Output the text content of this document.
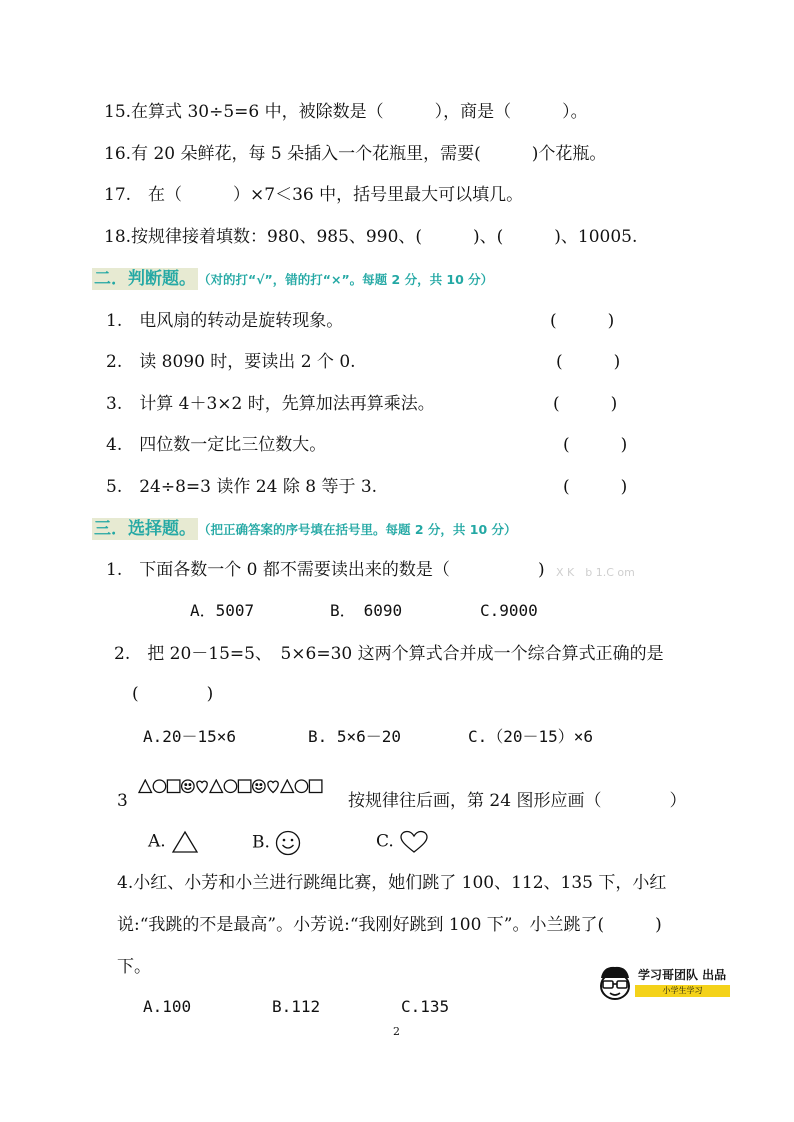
15.在算式 30÷5=6 中，被除数是（　　　），商是（　　　）。
16.有 20 朵鲜花，每 5 朵插入一个花瓶里，需要(　　　)个花瓶。
17.　在（　　　）×7＜36 中，括号里最大可以填几。
18.按规律接着填数：980、985、990、(　　　)、(　　　)、10005.
二．判断题。 （对的打“√”，错的打“×”。每题 2 分，共 10 分）
1.　电风扇的转动是旋转现象。	(　　　)
2.　读 8090 时，要读出 2 个 0.	(　　　)
3.　计算 4＋3×2 时，先算加法再算乘法。	(　　　)
4.　四位数一定比三位数大。	(　　　)
5.　24÷8=3 读作 24 除 8 等于 3.	(　　　)
三．选择题。 （把正确答案的序号填在括号里。每题 2 分，共 10 分）
1.　下面各数一个 0 都不需要读出来的数是（　　　　 ) X K　b 1.C om
A．5007	B．　6090	C.9000
2.　把 20－15=5、　5×6=30 这两个算式合并成一个综合算式正确的是
(　　　　)
A.20－15×6	B. 5×6－20	C.（20－15）×6
3	按规律往后画，第 24 图形应画（　　　　）
A.	B.	C.
4.小红、小芳和小兰进行跳绳比赛，她们跳了 100、112、135 下，小红
说:“我跳的不是最高”。小芳说:“我刚好跳到 100 下”。小兰跳了(　　　)
下。
A.100	B.112	C.135
学习哥团队 出品
小学生学习
2
